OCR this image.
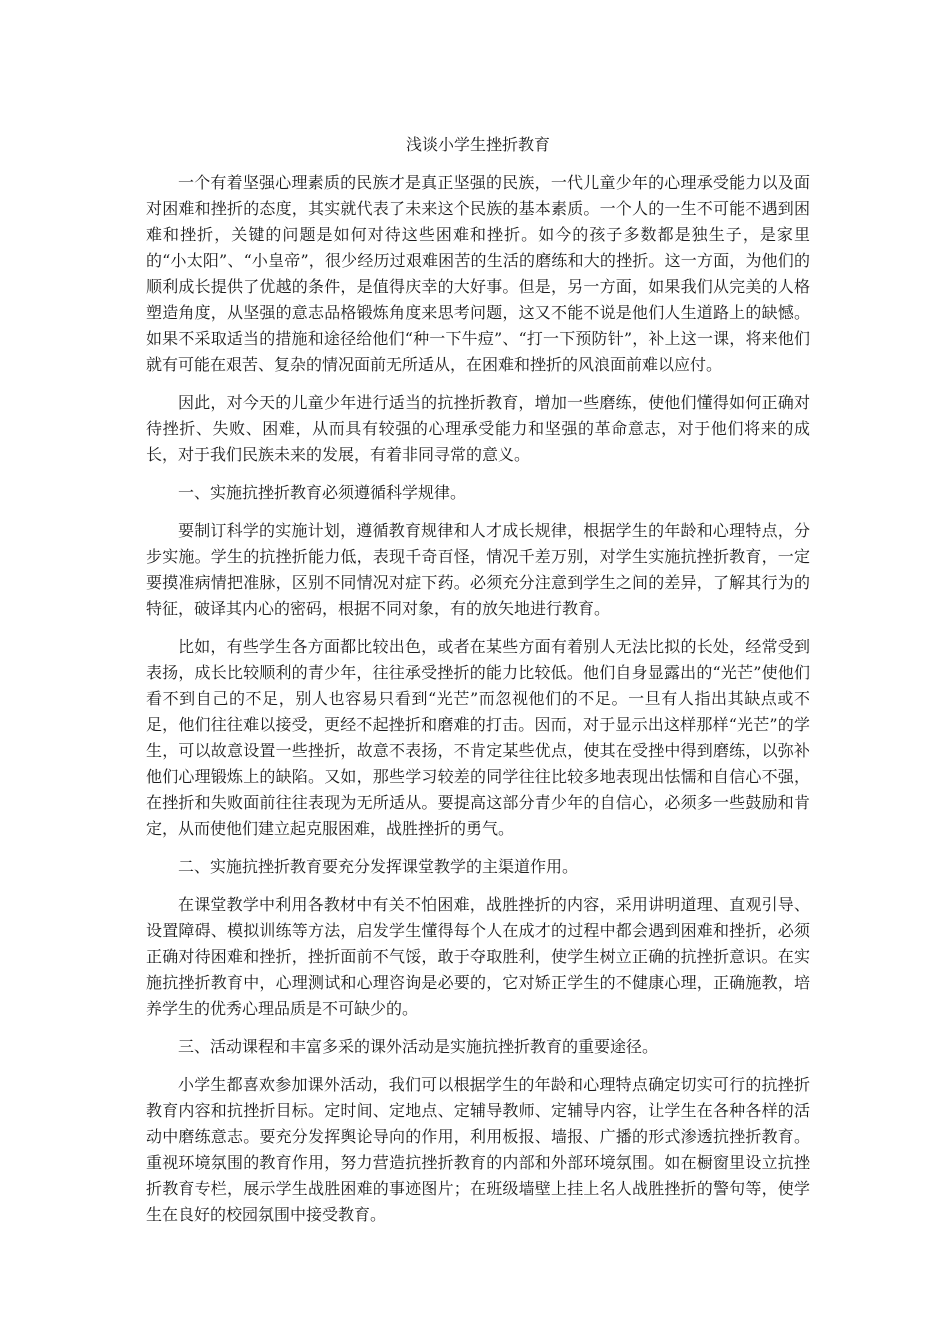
浅谈小学生挫折教育

一个有着坚强心理素质的民族才是真正坚强的民族，一代儿童少年的心理承受能力以及面对困难和挫折的态度，其实就代表了未来这个民族的基本素质。一个人的一生不可能不遇到困难和挫折，关键的问题是如何对待这些困难和挫折。如今的孩子多数都是独生子，是家里的“小太阳”、“小皇帝”，很少经历过艰难困苦的生活的磨练和大的挫折。这一方面，为他们的顺利成长提供了优越的条件，是值得庆幸的大好事。但是，另一方面，如果我们从完美的人格塑造角度，从坚强的意志品格锻炼角度来思考问题，这又不能不说是他们人生道路上的缺憾。如果不采取适当的措施和途径给他们“种一下牛痘”、“打一下预防针”，补上这一课，将来他们就有可能在艰苦、复杂的情况面前无所适从，在困难和挫折的风浪面前难以应付。

因此，对今天的儿童少年进行适当的抗挫折教育，增加一些磨练，使他们懂得如何正确对待挫折、失败、困难，从而具有较强的心理承受能力和坚强的革命意志，对于他们将来的成长，对于我们民族未来的发展，有着非同寻常的意义。

一、实施抗挫折教育必须遵循科学规律。

要制订科学的实施计划，遵循教育规律和人才成长规律，根据学生的年龄和心理特点，分步实施。学生的抗挫折能力低，表现千奇百怪，情况千差万别，对学生实施抗挫折教育，一定要摸准病情把准脉，区别不同情况对症下药。必须充分注意到学生之间的差异，了解其行为的特征，破译其内心的密码，根据不同对象，有的放矢地进行教育。

比如，有些学生各方面都比较出色，或者在某些方面有着别人无法比拟的长处，经常受到表扬，成长比较顺利的青少年，往往承受挫折的能力比较低。他们自身显露出的“光芒”使他们看不到自己的不足，别人也容易只看到“光芒”而忽视他们的不足。一旦有人指出其缺点或不足，他们往往难以接受，更经不起挫折和磨难的打击。因而，对于显示出这样那样“光芒”的学生，可以故意设置一些挫折，故意不表扬，不肯定某些优点，使其在受挫中得到磨练，以弥补他们心理锻炼上的缺陷。又如，那些学习较差的同学往往比较多地表现出怯懦和自信心不强，在挫折和失败面前往往表现为无所适从。要提高这部分青少年的自信心，必须多一些鼓励和肯定，从而使他们建立起克服困难，战胜挫折的勇气。

二、实施抗挫折教育要充分发挥课堂教学的主渠道作用。

在课堂教学中利用各教材中有关不怕困难，战胜挫折的内容，采用讲明道理、直观引导、设置障碍、模拟训练等方法，启发学生懂得每个人在成才的过程中都会遇到困难和挫折，必须正确对待困难和挫折，挫折面前不气馁，敢于夺取胜利，使学生树立正确的抗挫折意识。在实施抗挫折教育中，心理测试和心理咨询是必要的，它对矫正学生的不健康心理，正确施教，培养学生的优秀心理品质是不可缺少的。

三、活动课程和丰富多采的课外活动是实施抗挫折教育的重要途径。

小学生都喜欢参加课外活动，我们可以根据学生的年龄和心理特点确定切实可行的抗挫折教育内容和抗挫折目标。定时间、定地点、定辅导教师、定辅导内容，让学生在各种各样的活动中磨练意志。要充分发挥舆论导向的作用，利用板报、墙报、广播的形式渗透抗挫折教育。重视环境氛围的教育作用，努力营造抗挫折教育的内部和外部环境氛围。如在橱窗里设立抗挫折教育专栏，展示学生战胜困难的事迹图片；在班级墙壁上挂上名人战胜挫折的警句等，使学生在良好的校园氛围中接受教育。
